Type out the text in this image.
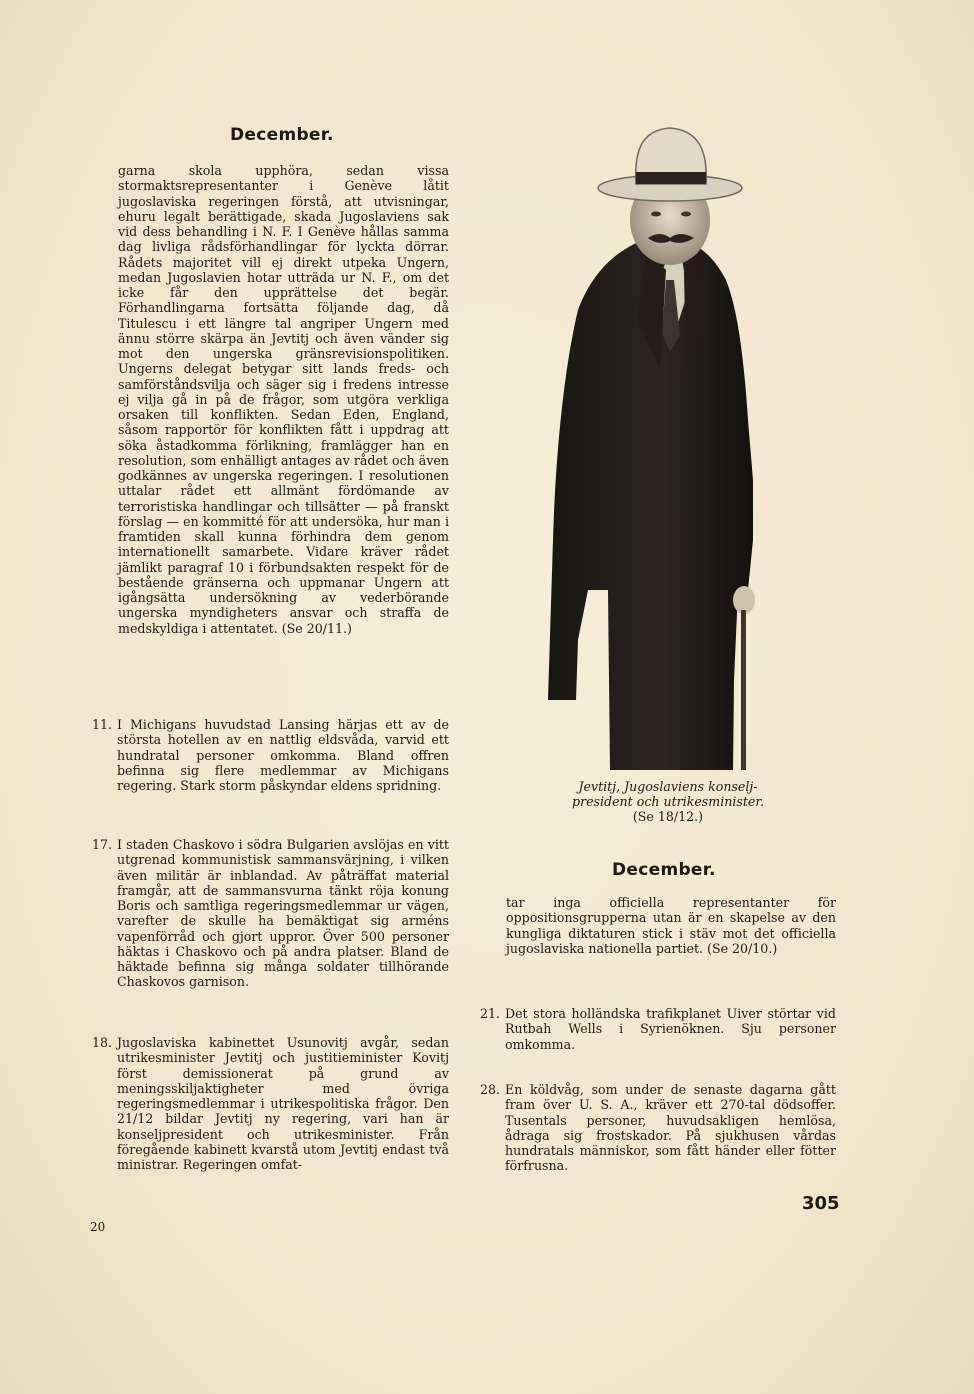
December.
garna skola upphöra, sedan vissa stormaktsrepresentanter i Genève låtit jugoslaviska regeringen förstå, att utvisningar, ehuru legalt berättigade, skada Jugoslaviens sak vid dess behandling i N. F. I Genève hållas samma dag livliga rådsförhandlingar för lyckta dörrar. Rådets majoritet vill ej direkt utpeka Ungern, medan Jugoslavien hotar utträda ur N. F., om det icke får den upprättelse det begär. Förhandlingarna fortsätta följande dag, då Titulescu i ett längre tal angriper Ungern med ännu större skärpa än Jevtitj och även vänder sig mot den ungerska gränsrevisionspolitiken. Ungerns delegat betygar sitt lands freds- och samförståndsvilja och säger sig i fredens intresse ej vilja gå in på de frågor, som utgöra verkliga orsaken till konflikten. Sedan Eden, England, såsom rapportör för konflikten fått i uppdrag att söka åstadkomma förlikning, framlägger han en resolution, som enhälligt antages av rådet och även godkännes av ungerska regeringen. I resolutionen uttalar rådet ett allmänt fördömande av terroristiska handlingar och tillsätter — på franskt förslag — en kommitté för att undersöka, hur man i framtiden skall kunna förhindra dem genom internationellt samarbete. Vidare kräver rådet jämlikt paragraf 10 i förbundsakten respekt för de bestående gränserna och uppmanar Ungern att igångsätta undersökning av vederbörande ungerska myndigheters ansvar och straffa de medskyldiga i attentatet. (Se 20/11.)
11. I Michigans huvudstad Lansing härjas ett av de största hotellen av en nattlig eldsvåda, varvid ett hundratal personer omkomma. Bland offren befinna sig flere medlemmar av Michigans regering. Stark storm påskyndar eldens spridning.
17. I staden Chaskovo i södra Bulgarien avslöjas en vitt utgrenad kommunistisk sammansvärjning, i vilken även militär är inblandad. Av påträffat material framgår, att de sammansvurna tänkt röja konung Boris och samtliga regeringsmedlemmar ur vägen, varefter de skulle ha bemäktigat sig arméns vapenförråd och gjort uppror. Över 500 personer häktas i Chaskovo och på andra platser. Bland de häktade befinna sig många soldater tillhörande Chaskovos garnison.
18. Jugoslaviska kabinettet Usunovitj avgår, sedan utrikesminister Jevtitj och justitieminister Kovitj först demissionerat på grund av meningsskiljaktigheter med övriga regeringsmedlemmar i utrikespolitiska frågor. Den 21/12 bildar Jevtitj ny regering, vari han är konseljpresident och utrikesminister. Från föregående kabinett kvarstå utom Jevtitj endast två ministrar. Regeringen omfat-
20
Jevtitj, Jugoslaviens konselj-
president och utrikesminister.
(Se 18/12.)
December.
tar inga officiella representanter för oppositionsgrupperna utan är en skapelse av den kungliga diktaturen stick i stäv mot det officiella jugoslaviska nationella partiet. (Se 20/10.)
21. Det stora holländska trafikplanet Uiver störtar vid Rutbah Wells i Syrienöknen. Sju personer omkomma.
28. En köldvåg, som under de senaste dagarna gått fram över U. S. A., kräver ett 270-tal dödsoffer. Tusentals personer, huvudsakligen hemlösa, ådraga sig frostskador. På sjukhusen vårdas hundratals människor, som fått händer eller fötter förfrusna.
305
